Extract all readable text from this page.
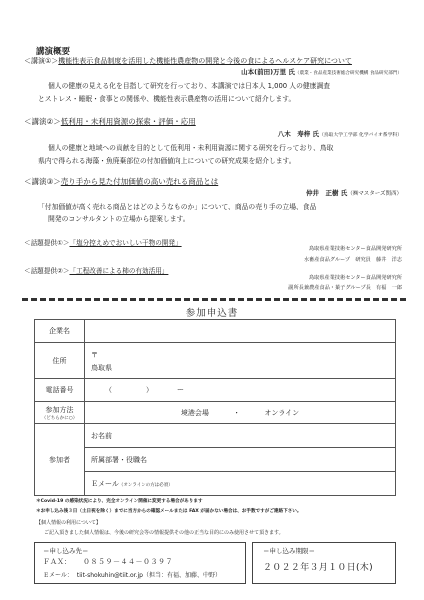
講演概要
＜講演①＞機能性表示食品制度を活用した機能性農産物の開発と今後の食によるヘルスケア研究について
山本(前田)万里 氏（農業・食品産業技術総合研究機構 食品研究部門）
個人の健康の見える化を目指して研究を行っており、本講演では日本人 1,000 人の健康調査
とストレス・睡眠・食事との関係や、機能性表示農産物の活用について紹介します。
＜講演②＞低利用・未利用資源の探索・評価・応用
八木　寿梓 氏（鳥取大学工学部 化学バイオ系学科）
個人の健康と地域への貢献を目的として低利用・未利用資源に関する研究を行っており、鳥取
県内で得られる海藻・魚廃棄部位の付加価値向上についての研究成果を紹介します。
＜講演③＞売り手から見た付加価値の高い売れる商品とは
仲井　正樹 氏（㈱マスターズ関西）
「付加価値が高く売れる商品とはどのようなものか」について、商品の売り手の立場、食品
開発のコンサルタントの立場から提案します。
＜話題提供①＞「塩分控えめでおいしい干物の開発」
鳥取県産業技術センター食品開発研究所
水畜産食品グループ　研究員　藤井　洋志
＜話題提供②＞「工程改善による柿の有効活用」
鳥取県産業技術センター食品開発研究所
副所長兼農産食品・菓子グループ長　有福　一郎
参加申込書
企業名	
住所	〒
鳥取県

電話番号	（ ） ー

参加方法
（どちらかに○）	境港会場 ・ オンライン
参加者	お名前
	所属部署・役職名
	Ｅメール（オンラインの方は必須）
＊Covid-19 の感染状況により、完全オンライン開催に変更する場合があります
＊お申し込み後３日（土日祝を除く）までに当方からの確認メールまたは FAX が届かない場合は、お手数ですがご連絡下さい。
【個人情報の利用について】
ご記入頂きました個人情報は、今後の研究会等の情報提供その他の正当な目的にのみ使用させて頂きます。
＝申し込み先＝
ＦＡＸ： ０８５９－４４－０３９７
Ｅメール： tiit-shokuhin@tiit.or.jp（担当：有福、加藤、中野）
＝申し込み期限＝
２０２２年３月１０日(木)
